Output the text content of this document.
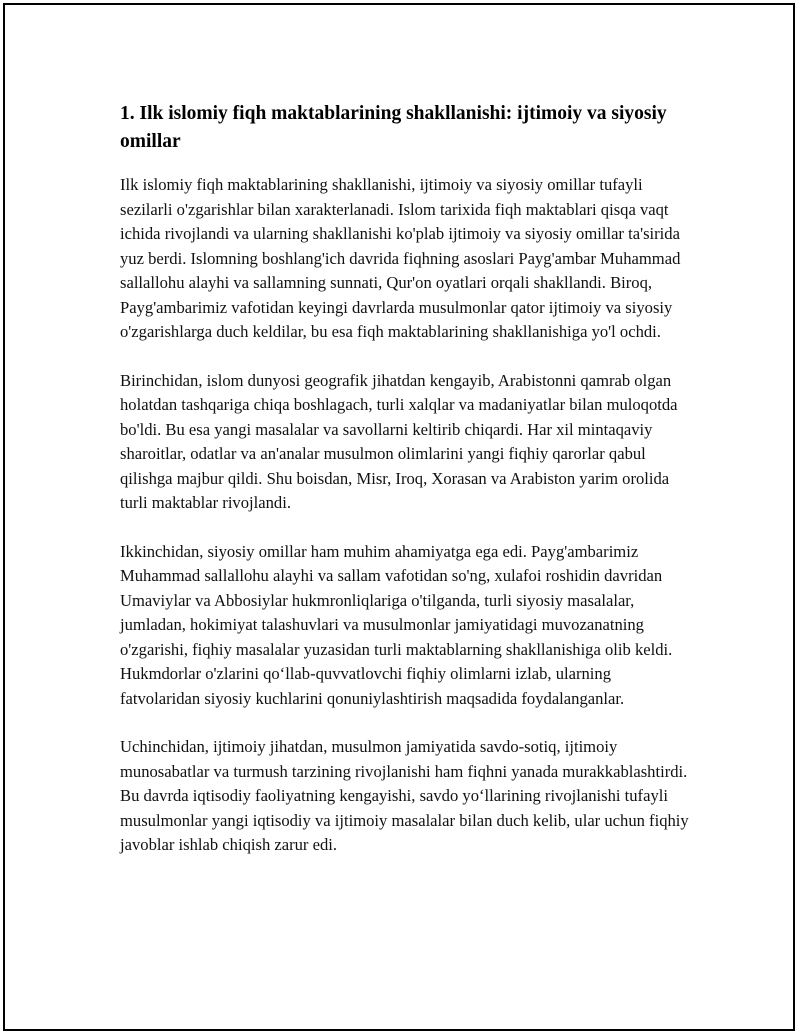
1. Ilk islomiy fiqh maktablarining shakllanishi: ijtimoiy va siyosiy omillar

Ilk islomiy fiqh maktablarining shakllanishi, ijtimoiy va siyosiy omillar tufayli sezilarli o'zgarishlar bilan xarakterlanadi. Islom tarixida fiqh maktablari qisqa vaqt ichida rivojlandi va ularning shakllanishi ko'plab ijtimoiy va siyosiy omillar ta'sirida yuz berdi. Islomning boshlang'ich davrida fiqhning asoslari Payg'ambar Muhammad sallallohu alayhi va sallamning sunnati, Qur'on oyatlari orqali shakllandi. Biroq, Payg'ambarimiz vafotidan keyingi davrlarda musulmonlar qator ijtimoiy va siyosiy o'zgarishlarga duch keldilar, bu esa fiqh maktablarining shakllanishiga yo'l ochdi.

Birinchidan, islom dunyosi geografik jihatdan kengayib, Arabistonni qamrab olgan holatdan tashqariga chiqa boshlagach, turli xalqlar va madaniyatlar bilan muloqotda bo'ldi. Bu esa yangi masalalar va savollarni keltirib chiqardi. Har xil mintaqaviy sharoitlar, odatlar va an'analar musulmon olimlarini yangi fiqhiy qarorlar qabul qilishga majbur qildi. Shu boisdan, Misr, Iroq, Xorasan va Arabiston yarim orolida turli maktablar rivojlandi.

Ikkinchidan, siyosiy omillar ham muhim ahamiyatga ega edi. Payg'ambarimiz Muhammad sallallohu alayhi va sallam vafotidan so'ng, xulafoi roshidin davridan Umaviylar va Abbosiylar hukmronliqlariga o'tilganda, turli siyosiy masalalar, jumladan, hokimiyat talashuvlari va musulmonlar jamiyatidagi muvozanatning o'zgarishi, fiqhiy masalalar yuzasidan turli maktablarning shakllanishiga olib keldi. Hukmdorlar o'zlarini qo‘llab-quvvatlovchi fiqhiy olimlarni izlab, ularning fatvolaridan siyosiy kuchlarini qonuniylashtirish maqsadida foydalanganlar.

Uchinchidan, ijtimoiy jihatdan, musulmon jamiyatida savdo-sotiq, ijtimoiy munosabatlar va turmush tarzining rivojlanishi ham fiqhni yanada murakkablashtirdi. Bu davrda iqtisodiy faoliyatning kengayishi, savdo yo‘llarining rivojlanishi tufayli musulmonlar yangi iqtisodiy va ijtimoiy masalalar bilan duch kelib, ular uchun fiqhiy javoblar ishlab chiqish zarur edi.
